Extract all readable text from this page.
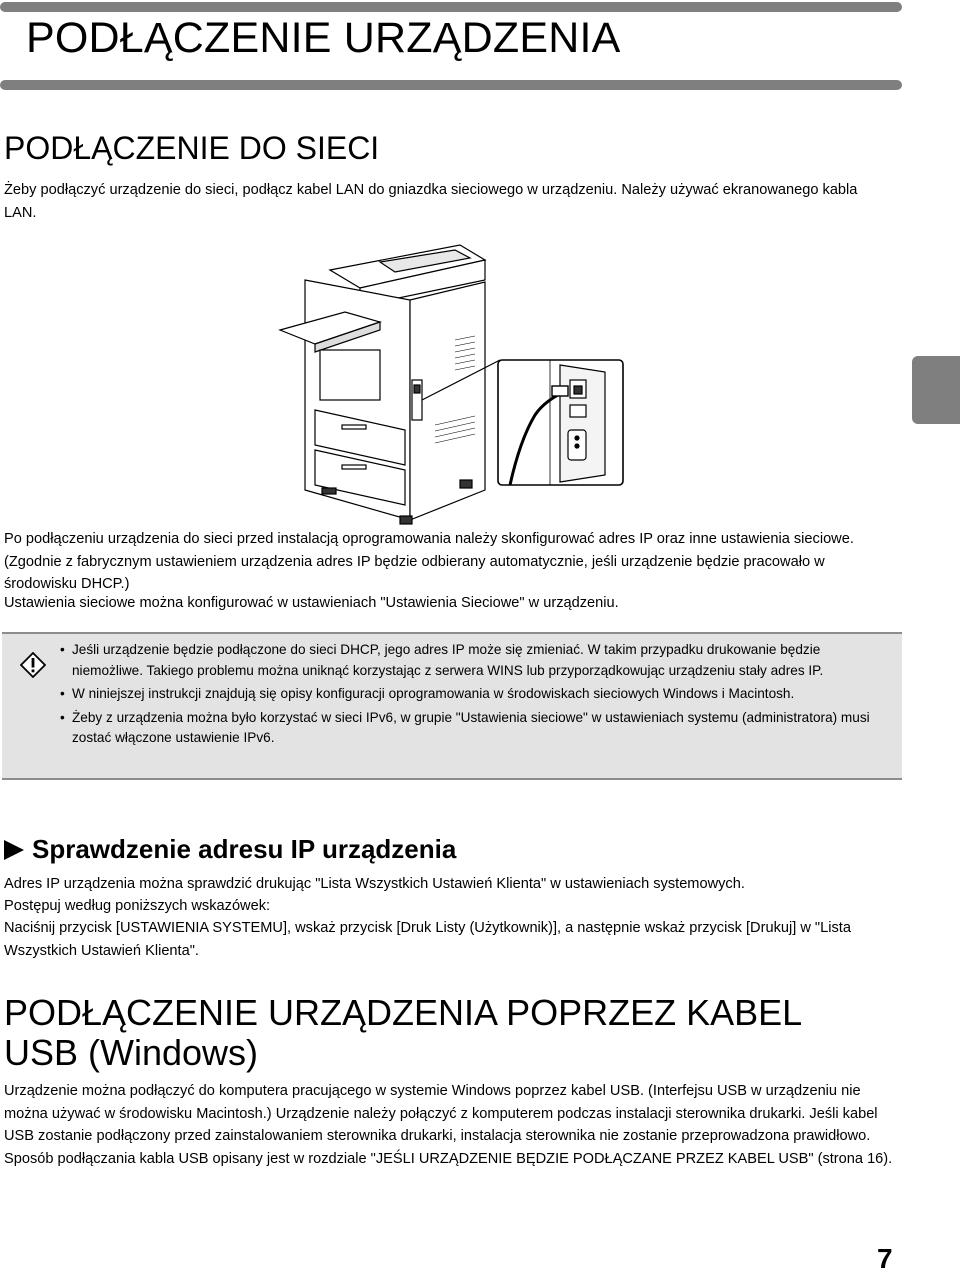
PODŁĄCZENIE URZĄDZENIA
PODŁĄCZENIE DO SIECI

Żeby podłączyć urządzenie do sieci, podłącz kabel LAN do gniazdka sieciowego w urządzeniu. Należy używać ekranowanego kabla LAN.

Po podłączeniu urządzenia do sieci przed instalacją oprogramowania należy skonfigurować adres IP oraz inne ustawienia sieciowe. (Zgodnie z fabrycznym ustawieniem urządzenia adres IP będzie odbierany automatycznie, jeśli urządzenie będzie pracowało w środowisku DHCP.)

Ustawienia sieciowe można konfigurować w ustawieniach "Ustawienia Sieciowe" w urządzeniu.

• Jeśli urządzenie będzie podłączone do sieci DHCP, jego adres IP może się zmieniać. W takim przypadku drukowanie będzie niemożliwe. Takiego problemu można uniknąć korzystając z serwera WINS lub przyporządkowując urządzeniu stały adres IP.
• W niniejszej instrukcji znajdują się opisy konfiguracji oprogramowania w środowiskach sieciowych Windows i Macintosh.
• Żeby z urządzenia można było korzystać w sieci IPv6, w grupie "Ustawienia sieciowe" w ustawieniach systemu (administratora) musi zostać włączone ustawienie IPv6.
Sprawdzenie adresu IP urządzenia

Adres IP urządzenia można sprawdzić drukując "Lista Wszystkich Ustawień Klienta" w ustawieniach systemowych.

Postępuj według poniższych wskazówek:

Naciśnij przycisk [USTAWIENIA SYSTEMU], wskaż przycisk [Druk Listy (Użytkownik)], a następnie wskaż przycisk [Drukuj] w "Lista Wszystkich Ustawień Klienta".

PODŁĄCZENIE URZĄDZENIA POPRZEZ KABEL USB (Windows)

Urządzenie można podłączyć do komputera pracującego w systemie Windows poprzez kabel USB. (Interfejsu USB w urządzeniu nie można używać w środowisku Macintosh.) Urządzenie należy połączyć z komputerem podczas instalacji sterownika drukarki. Jeśli kabel USB zostanie podłączony przed zainstalowaniem sterownika drukarki, instalacja sterownika nie zostanie przeprowadzona prawidłowo. Sposób podłączania kabla USB opisany jest w rozdziale "JEŚLI URZĄDZENIE BĘDZIE PODŁĄCZANE PRZEZ KABEL USB" (strona 16).

7
